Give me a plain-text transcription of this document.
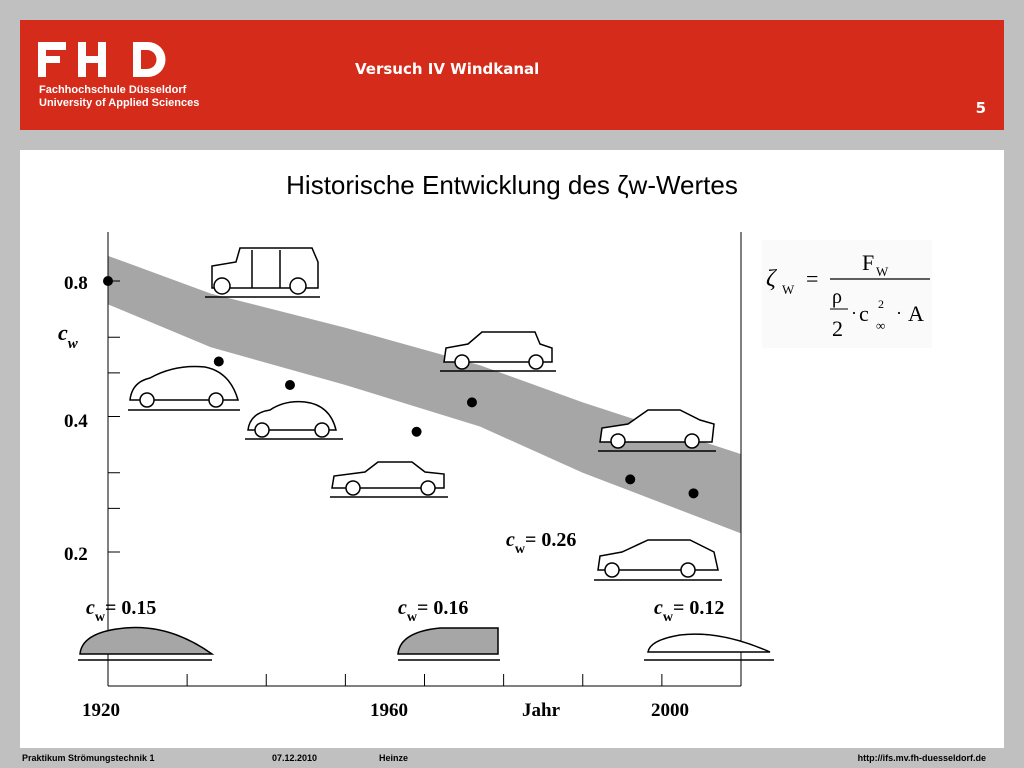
Fachhochschule Düsseldorf
University of Applied Sciences
Versuch IV Windkanal
5
Historische Entwicklung des ζw-Wertes
0.8
0.4
0.2
$c_w$
1920	1960	2000
Jahr
$c_w= 0.26$
$c_w= 0.15$	$c_w= 0.16$	$c_w= 0.12$
ζ W =
F W
ρ
2
· c 2
∞
· A
Praktikum Strömungstechnik 1	07.12.2010	Heinze	http://ifs.mv.fh-duesseldorf.de
